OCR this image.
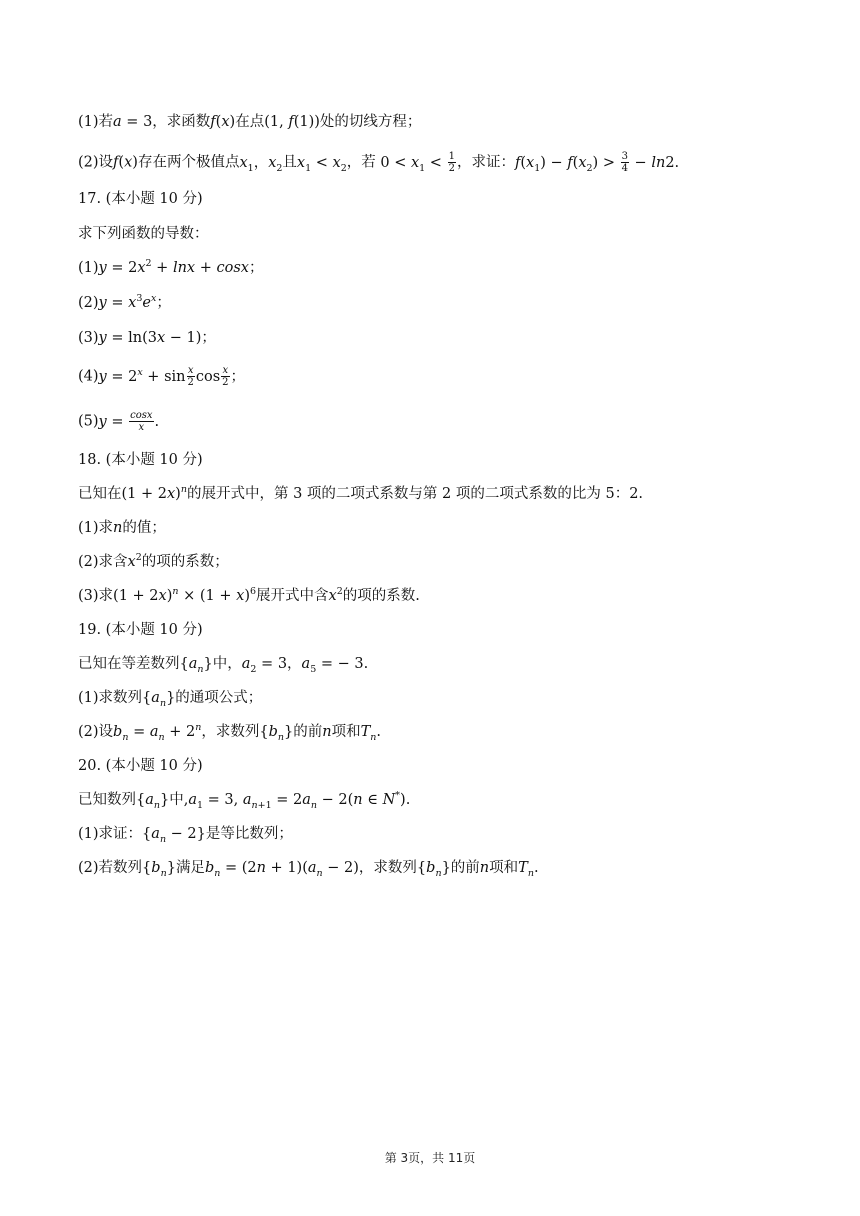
(1)若a = 3，求函数f(x)在点(1, f(1))处的切线方程；
(2)设f(x)存在两个极值点$x_1$，$x_2$且$x_1 < x_2$，若 $0 < x_1 < \frac{1}{2}$ ，求证：$f(x_1) - f(x_2) > \frac{3}{4} - \ln 2$.
17. (本小题 10 分)
求下列函数的导数：
$(1)y = 2x^2 + \ln x + \cos x$；
$(2)y = x^3e^x$；
(3)y = ln(3x − 1)；
$(4)y = 2^x + \sin \frac{x}{2}$ $\cos \frac{x}{2}$ ；
$(5)y = \frac{\cos x}{x}$ .
18. (本小题 10 分)
已知在$(1 + 2x)^n$的展开式中，第 3 项的二项式系数与第 2 项的二项式系数的比为 5：2.
(1)求n的值；
(2)求含$x^2$的项的系数；
(3)求$(1 + 2x)^n \times (1 + x)^6$展开式中含$x^2$的项的系数.
19. (本小题 10 分)
已知在等差数列$\{a_n\}$中，$a_2 = 3$，$a_5$ = − 3.
(1)求数列$\{a_n\}$的通项公式；
(2)设$b_n = a_n + 2^n$，求数列$\{b_n\}$的前n项和$T_n$.
20. (本小题 10 分)
已知数列$\{a_n\}$中$,a_1 = 3$, $a_{n+1} = 2a_n - 2(n$ ∈ N*).
(1)求证：$\{a_n - 2\}$是等比数列；
(2)若数列$\{b_n\}$满足$b_n = (2n + 1)(a_n - 2)$，求数列$\{b_n\}$的前n项和$T_n$.
第 3页，共 11页
